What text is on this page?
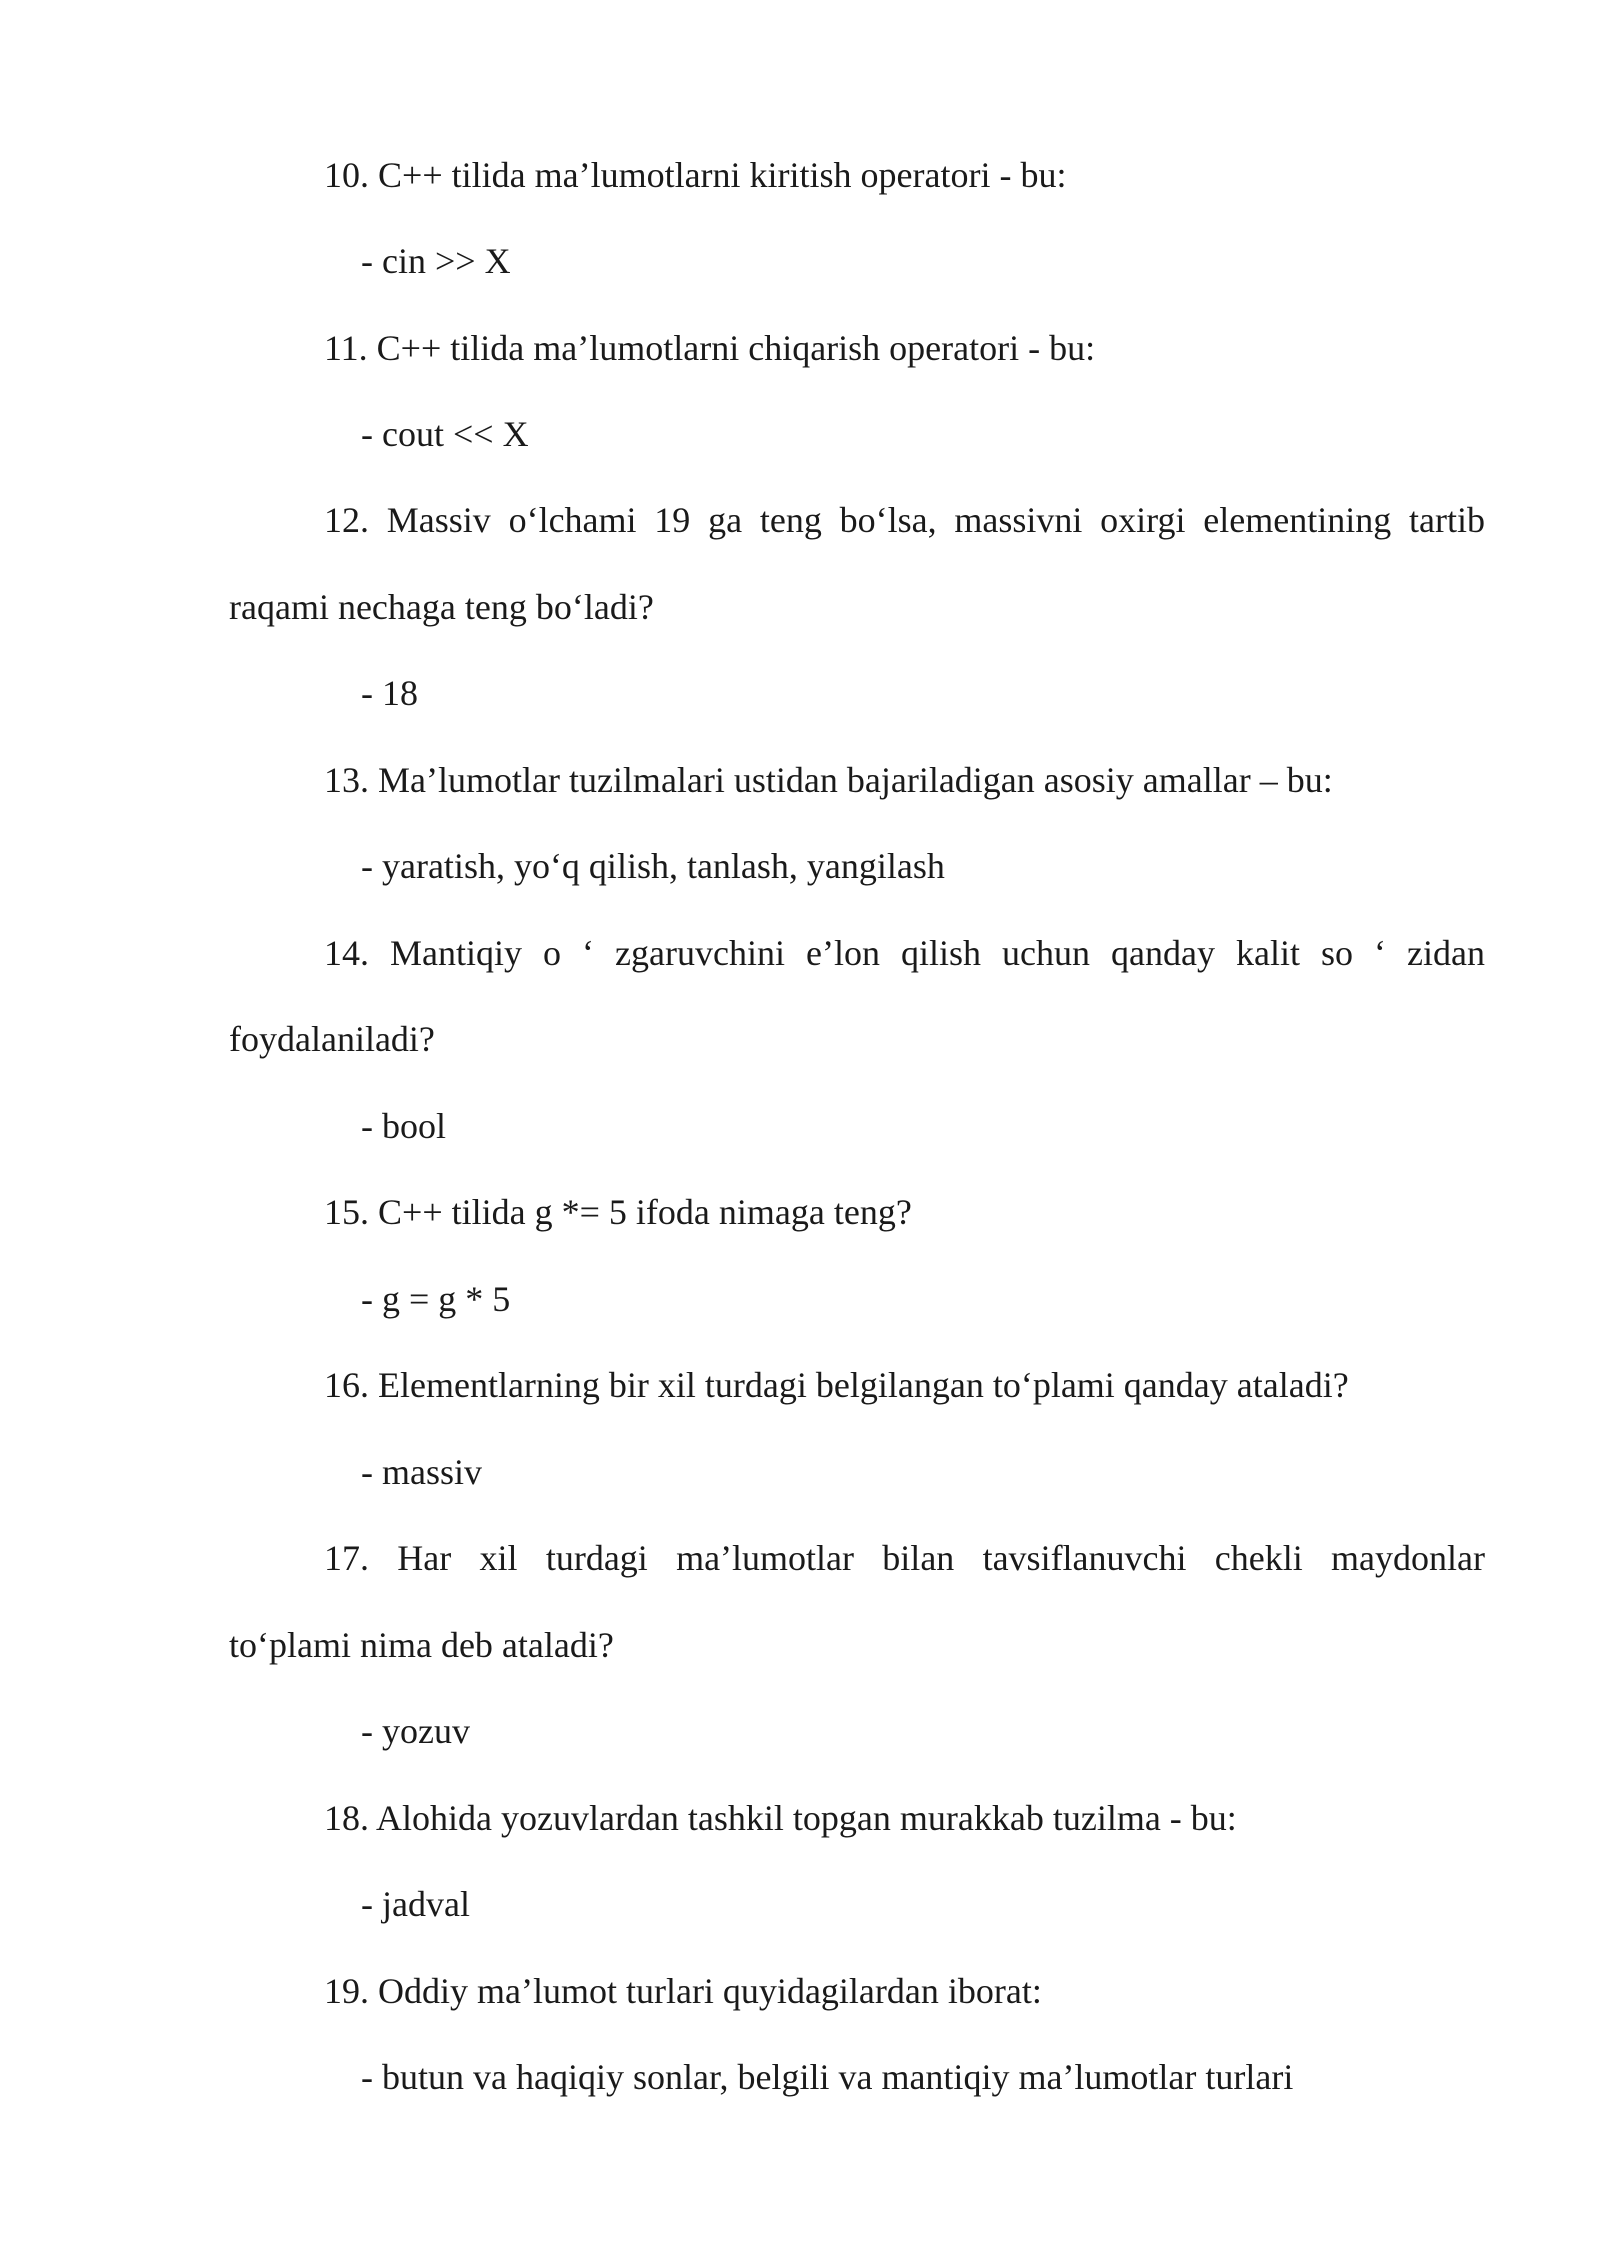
10. C++ tilida ma’lumotlarni kiritish operatori - bu:
- cin >> X
11. C++ tilida ma’lumotlarni chiqarish operatori - bu:
- cout << X
12. Massiv o‘lchami 19 ga teng bo‘lsa, massivni oxirgi elementining tartib
raqami nechaga teng bo‘ladi?
- 18
13. Ma’lumotlar tuzilmalari ustidan bajariladigan asosiy amallar – bu:
- yaratish, yo‘q qilish, tanlash, yangilash
14. Mantiqiy o ‘ zgaruvchini e’lon qilish uchun qanday kalit so ‘ zidan
foydalaniladi?
- bool
15. C++ tilida g *= 5 ifoda nimaga teng?
- g = g * 5
16. Elementlarning bir xil turdagi belgilangan to‘plami qanday ataladi?
- massiv
17. Har xil turdagi ma’lumotlar bilan tavsiflanuvchi chekli maydonlar
to‘plami nima deb ataladi?
- yozuv
18. Alohida yozuvlardan tashkil topgan murakkab tuzilma - bu:
- jadval
19. Oddiy ma’lumot turlari quyidagilardan iborat:
- butun va haqiqiy sonlar, belgili va mantiqiy ma’lumotlar turlari
